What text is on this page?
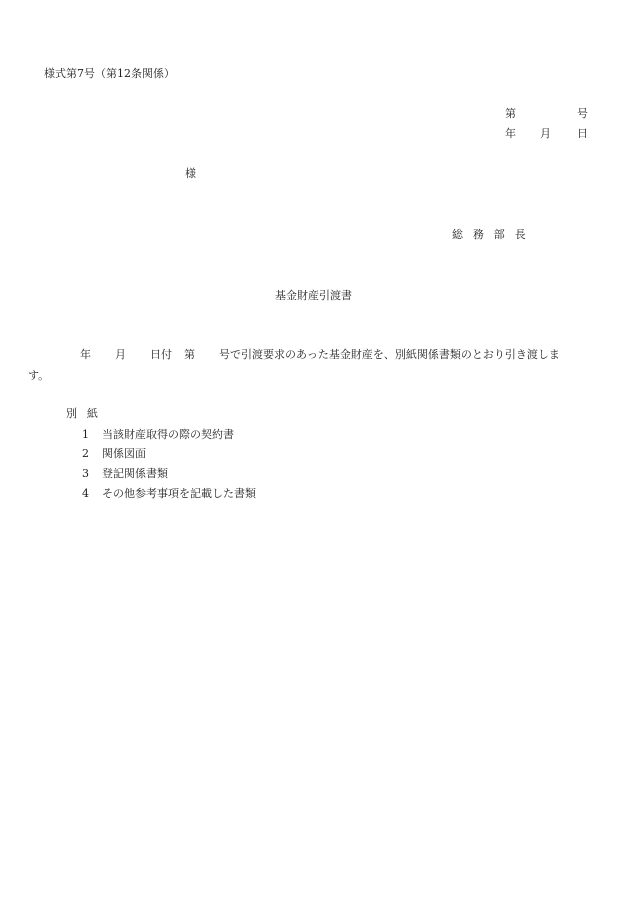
様式第7号（第12条関係）
第	号
年 月 日
様
総務部長
基金財産引渡書
年 月 日付 第 号で引渡要求のあった基金財産を、別紙関係書類のとおり引き渡しま
す。
別紙
1 当該財産取得の際の契約書
2 関係図面
3 登記関係書類
4 その他参考事項を記載した書類
